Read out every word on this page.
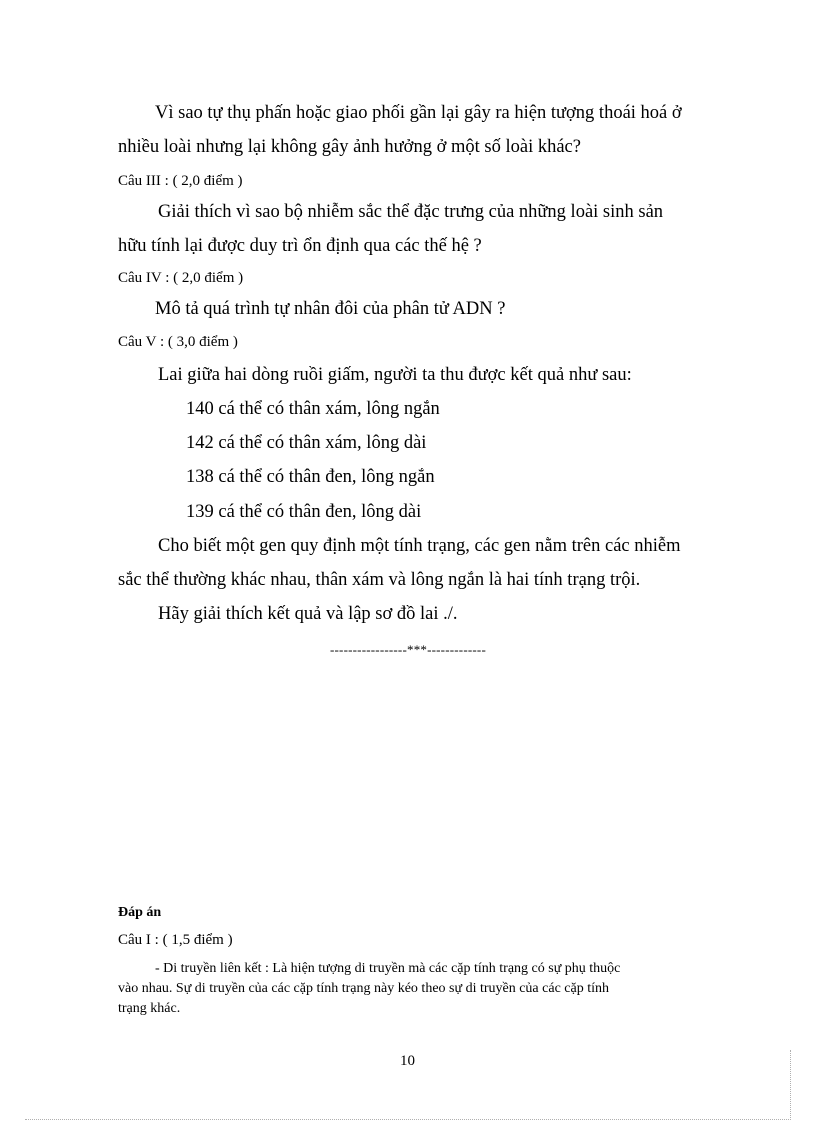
Vì sao tự thụ phấn hoặc giao phối gần lại gây ra hiện tượng thoái hoá ở
nhiều loài nhưng lại không gây ảnh hưởng ở một số loài khác?
Câu III : ( 2,0 điểm )
Giải thích vì sao bộ nhiễm sắc thể đặc trưng của những loài sinh sản
hữu tính lại được duy trì ổn định qua các thế hệ ?
Câu IV : ( 2,0 điểm )
Mô tả quá trình tự nhân đôi của phân tử ADN ?
Câu V : ( 3,0 điểm )
Lai giữa hai dòng ruồi giấm, người ta thu được kết quả như sau:
140 cá thể có thân xám, lông ngắn
142 cá thể có thân xám, lông dài
138 cá thể có thân đen, lông ngắn
139 cá thể có thân đen, lông dài
Cho biết một gen quy định một tính trạng, các gen nằm trên các nhiễm
sắc thể thường khác nhau, thân xám và lông ngắn là hai tính trạng trội.
Hãy giải thích kết quả và lập sơ đồ lai ./.
-----------------***-------------
Đáp án
Câu I : ( 1,5 điểm )
- Di truyền liên kết : Là hiện tượng di truyền mà các cặp tính trạng có sự phụ thuộc
vào nhau. Sự di truyền của các cặp tính trạng này kéo theo sự di truyền của các cặp tính
trạng khác.
10
